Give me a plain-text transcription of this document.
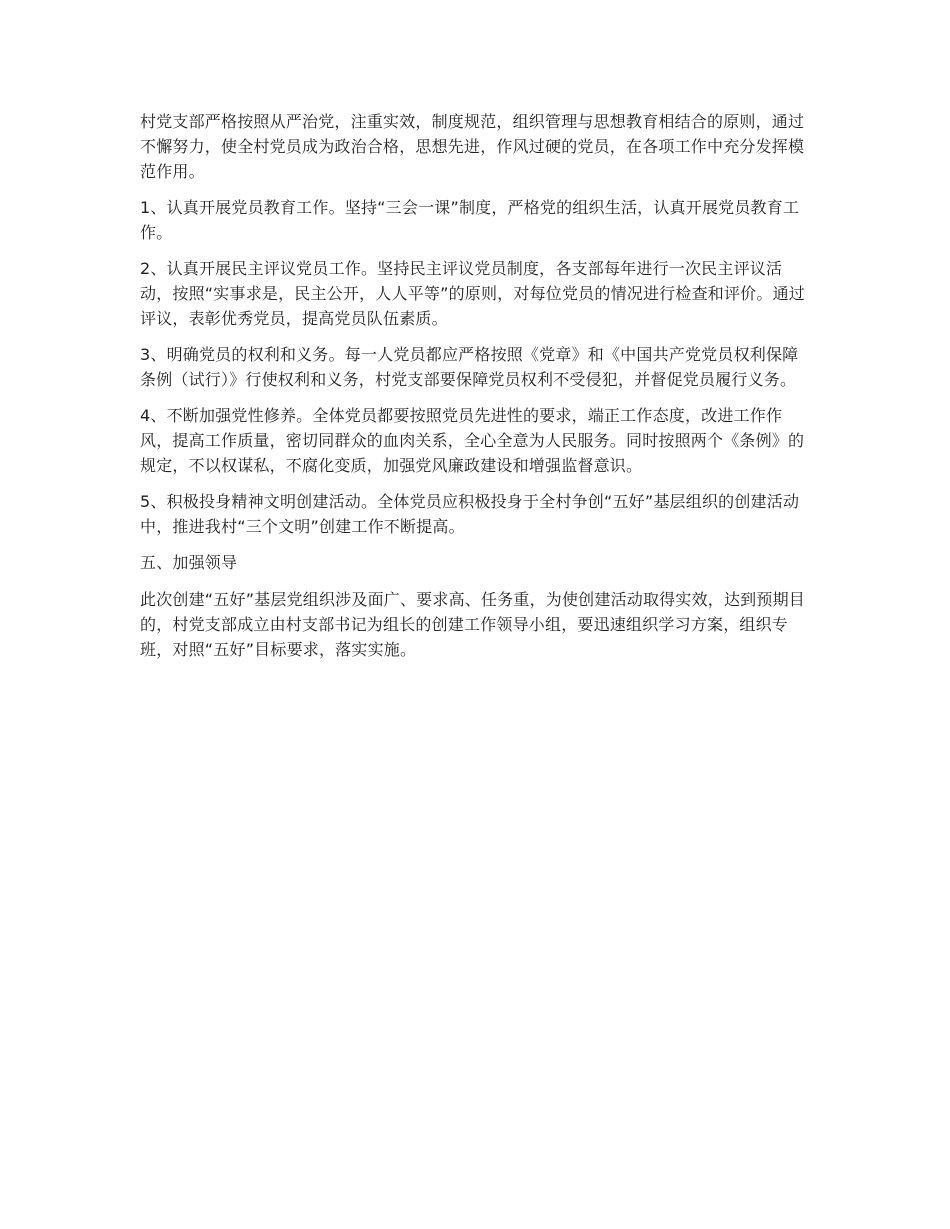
村党支部严格按照从严治党，注重实效，制度规范，组织管理与思想教育相结合的原则，通过不懈努力，使全村党员成为政治合格，思想先进，作风过硬的党员，在各项工作中充分发挥模范作用。

1、认真开展党员教育工作。坚持“三会一课”制度，严格党的组织生活，认真开展党员教育工作。

2、认真开展民主评议党员工作。坚持民主评议党员制度，各支部每年进行一次民主评议活动，按照“实事求是，民主公开，人人平等”的原则，对每位党员的情况进行检查和评价。通过评议，表彰优秀党员，提高党员队伍素质。

3、明确党员的权利和义务。每一人党员都应严格按照《党章》和《中国共产党党员权利保障条例（试行）》行使权利和义务，村党支部要保障党员权利不受侵犯，并督促党员履行义务。

4、不断加强党性修养。全体党员都要按照党员先进性的要求，端正工作态度，改进工作作风，提高工作质量，密切同群众的血肉关系，全心全意为人民服务。同时按照两个《条例》的规定，不以权谋私，不腐化变质，加强党风廉政建设和增强监督意识。

5、积极投身精神文明创建活动。全体党员应积极投身于全村争创“五好”基层组织的创建活动中，推进我村“三个文明”创建工作不断提高。

五、加强领导

此次创建“五好”基层党组织涉及面广、要求高、任务重，为使创建活动取得实效，达到预期目的，村党支部成立由村支部书记为组长的创建工作领导小组，要迅速组织学习方案，组织专班，对照“五好”目标要求，落实实施。
